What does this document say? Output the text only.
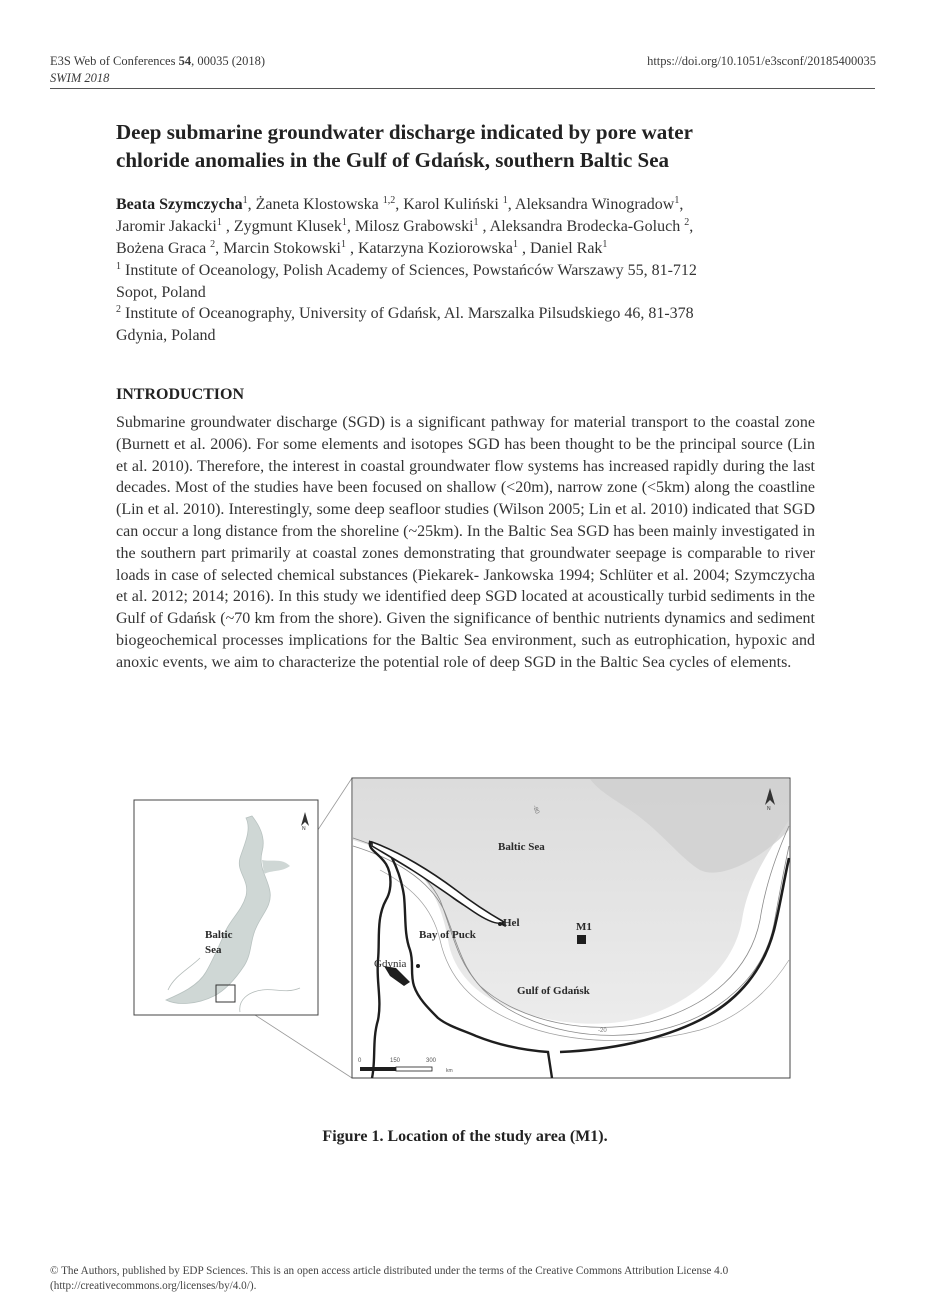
E3S Web of Conferences 54, 00035 (2018)
SWIM 2018
https://doi.org/10.1051/e3sconf/20185400035
Deep submarine groundwater discharge indicated by pore water
chloride anomalies in the Gulf of Gdańsk, southern Baltic Sea
Beata Szymczycha$^1$, Żaneta Klostowska $^{1,2}$, Karol Kuliński $^1$, Aleksandra Winogradow$^1$,
Jaromir Jakacki$^1$ , Zygmunt Klusek$^1$, Milosz Grabowski$^1$ , Aleksandra Brodecka-Goluch $^2$,
Bożena Graca $^2$, Marcin Stokowski$^1$ , Katarzyna Koziorowska$^1$ , Daniel Rak$^1$
$^1$ Institute of Oceanology, Polish Academy of Sciences, Powstańców Warszawy 55, 81-712
Sopot, Poland
$^2$ Institute of Oceanography, University of Gdańsk, Al. Marszalka Pilsudskiego 46, 81-378
Gdynia, Poland
INTRODUCTION
Submarine groundwater discharge (SGD) is a significant pathway for material transport to the coastal zone (Burnett et al. 2006). For some elements and isotopes SGD has been thought to be the principal source (Lin et al. 2010). Therefore, the interest in coastal groundwater flow systems has increased rapidly during the last decades. Most of the studies have been focused on shallow (<20m), narrow zone (<5km) along the coastline (Lin et al. 2010). Interestingly, some deep seafloor studies (Wilson 2005; Lin et al. 2010) indicated that SGD can occur a long distance from the shoreline (~25km). In the Baltic Sea SGD has been mainly investigated in the southern part primarily at coastal zones demonstrating that groundwater seepage is comparable to river loads in case of selected chemical substances (Piekarek- Jankowska 1994; Schlüter et al. 2004; Szymczycha et al. 2012; 2014; 2016). In this study we identified deep SGD located at acoustically turbid sediments in the Gulf of Gdańsk (~70 km from the shore). Given the significance of benthic nutrients dynamics and sediment biogeochemical processes implications for the Baltic Sea environment, such as eutrophication, hypoxic and anoxic events, we aim to characterize the potential role of deep SGD in the Baltic Sea cycles of elements.
Baltic
Sea
N
Baltic Sea
Hel
Bay of Puck
M1
Gdynia
Gulf of Gdańsk
-80
-20
N
0	150	300
km
Figure 1. Location of the study area (M1).
© The Authors, published by EDP Sciences. This is an open access article distributed under the terms of the Creative Commons Attribution License 4.0
(http://creativecommons.org/licenses/by/4.0/).
